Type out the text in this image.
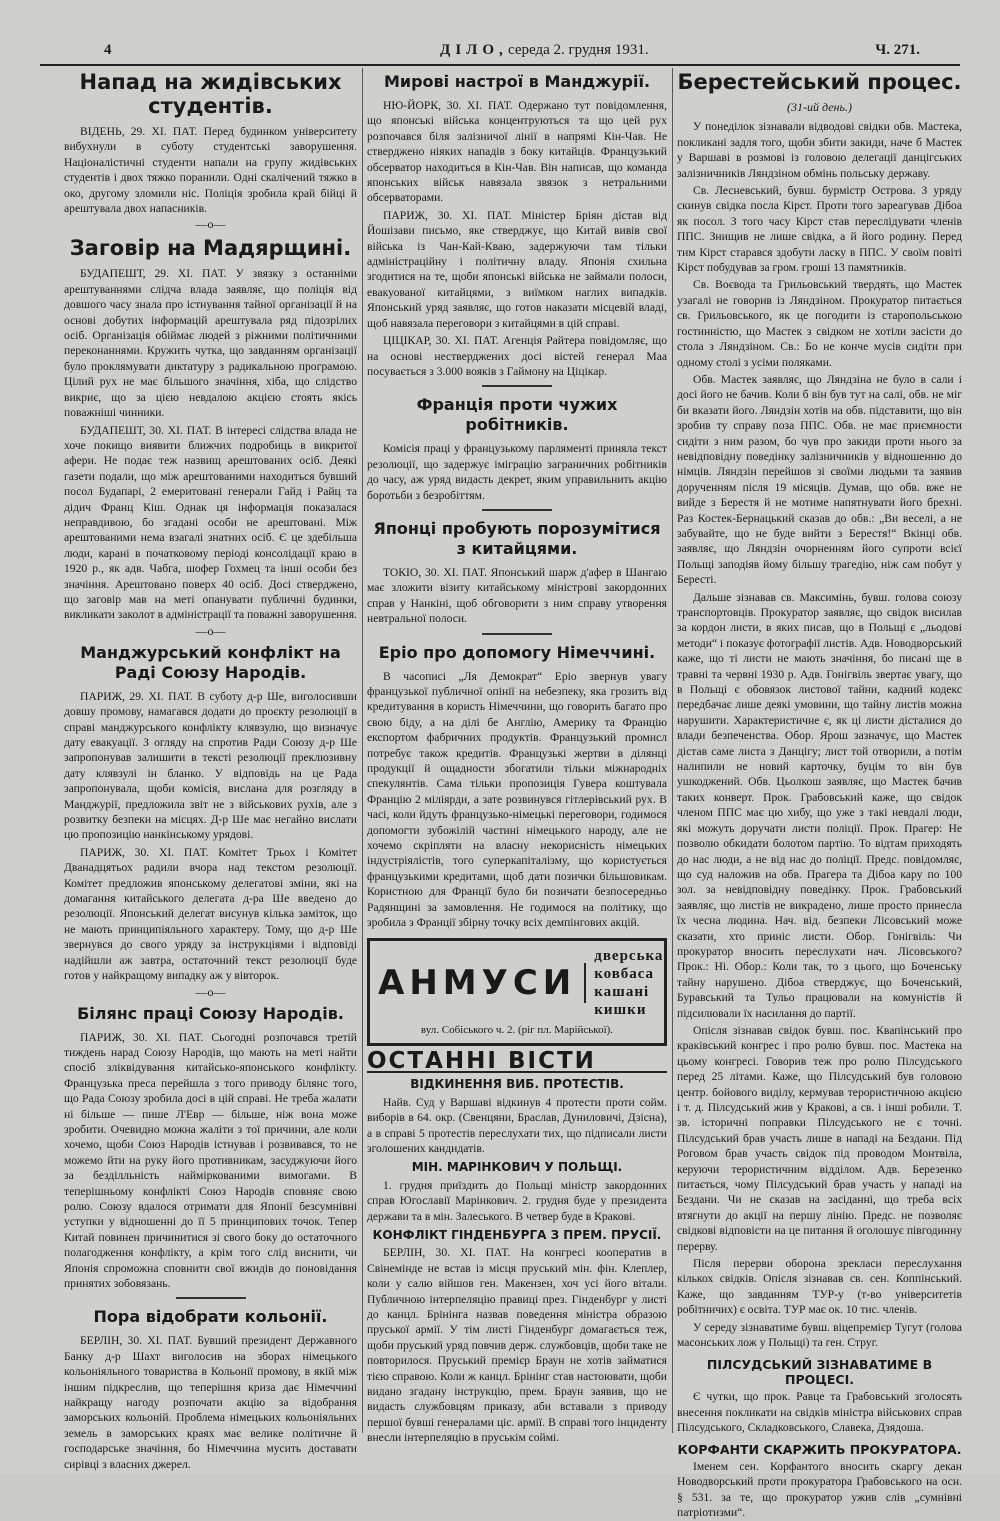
4	ДІЛО, середа 2. грудня 1931.	Ч. 271.
Напад на жидівських студентів.

ВІДЕНЬ, 29. XI. ПАТ. Перед будинком університету вибухнули в суботу студентські заворушення. Націоналістичні студенти напали на групу жидівських студентів і двох тяжко поранили. Одні скалічений тяжко в око, другому зломили ніс. Поліція зробила край бійці й арештувала двох напасників.

—o—
Заговір на Мадярщині.

БУДАПЕШТ, 29. XI. ПАТ. У звязку з останніми арештуваннями слідча влада заявляє, що поліція від довшого часу знала про істнування тайної організації й на основі добутих інформацій арештувала ряд підозрілих осіб. Організація обіймає людей з ріжними політичними переконаннями. Кружить чутка, що завданням організації було проклямувати диктатуру з радикальною програмою. Цілий рух не має більшого значіння, хіба, що слідство викриє, що за цією невдалою акцією стоять якісь поважніші чинники.

БУДАПЕШТ, 30. XI. ПАТ. В інтересі слідства влада не хоче покищо виявити ближчих подробиць в викритої афери. Не подає теж назвищ арештованих осіб. Деякі газети подали, що між арештованими находиться бувший посол Будапарі, 2 емеритовані генерали Гайд і Райц та дідич Франц Кіш. Однак ця інформація показалася неправдивою, бо згадані особи не арештовані. Між арештованими нема взагалі знатних осіб. Є це здебільша люди, карані в початковому періоді консолідації краю в 1920 р., як адв. Чабга, шофер Гохмец та інші особи без значіння. Арештовано поверх 40 осіб. Досі стверджено, що заговір мав на меті опанувати публичні будинки, викликати заколот в адміністрації та поважні заворушення.

—o—
Манджурський конфлікт на Раді Союзу Народів.

ПАРИЖ, 29. XI. ПАТ. В суботу д-р Ше, виголосивши довшу промову, намагався додати до проєкту резолюції в справі манджурського конфлікту клявзулю, що визначує дату евакуації. З огляду на спротив Ради Союзу д-р Ше запропонував залишити в тексті резолюції преклюзивну дату клявзулі ін бланко. У відповідь на це Рада запропонувала, щоби комісія, вислана для розгляду в Манджурії, предложила звіт не з військових рухів, але з розвитку безпеки на місцях. Д-р Ше має негайно вислати цю пропозицію нанкінському урядові.

ПАРИЖ, 30. XI. ПАТ. Комітет Трьох і Комітет Дванадцятьох радили вчора над текстом резолюції. Комітет предложив японському делегатові зміни, які на домагання китайського делегата д-ра Ше введено до резолюції. Японський делегат висунув кілька заміток, що не мають принципіяльного характеру. Тому, що д-р Ше звернувся до свого уряду за інструкціями і відповіді надійшли аж завтра, остаточний текст резолюції буде готов у найкращому випадку аж у вівторок.

—o—
Білянс праці Союзу Народів.

ПАРИЖ, 30. XI. ПАТ. Сьогодні розпочався третій тиждень нарад Союзу Народів, що мають на меті найти спосіб зліквідування китайсько-японського конфлікту. Французька преса перейшла з того приводу білянс того, що Рада Союзу зробила досі в цій справі. Не треба жалати ні більше — пише Л'Евр — більше, ніж вона може зробити. Очевидно можна жаліти з тої причини, але коли хочемо, щоби Союз Народів істнував і розвивався, то не можемо йти на руку його противникам, засуджуючи його за безділльність найміркованими вимогами. В теперішньому конфлікті Союз Народів сповняє свою ролю. Союзу вдалося отримати для Японії безсумнівні уступки у відношенні до її 5 принципових точок. Тепер Китай повинен причинитися зі свого боку до остаточного полагодження конфлікту, а крім того слід виснити, чи Японія спроможна сповнити свої вжидів до поновідання принятих зобовязань.

Пора відобрати кольонії.

БЕРЛІН, 30. XI. ПАТ. Бувший президент Державного Банку д-р Шахт виголосив на зборах німецького кольоніяльного товариства в Кольонії промову, в якій між іншим підкреслив, що теперішня криза дає Німеччині найкращу нагоду розпочати акцію за відобрання заморських кольоній. Проблема німецьких кольоніяльних земель в заморських краях має велике політичне й господарське значіння, бо Німеччина мусить доставати сирівці з власних джерел.

Мирові настрої в Манджурії.

НЮ-ЙОРК, 30. XI. ПАТ. Одержано тут повідомлення, що японські війська концентруються та що цей рух розпочався біля залізничої лінії в напрямі Кін-Чав. Не стверджено ніяких нападів з боку китайців. Французький обсерватор находиться в Кін-Чав. Він написав, що команда японських військ навязала звязок з нетральними обсерваторами.

ПАРИЖ, 30. XI. ПАТ. Міністер Бріян дістав від Йошізави письмо, яке стверджує, що Китай вивів свої війська із Чан-Кай-Кваю, задержуючи там тільки адміністраційну і політичну владу. Японія схильна згодитися на те, щоби японські війська не займали полоси, евакуованої китайцями, з виїмком наглих випадків. Японський уряд заявляє, що готов наказати місцевій владі, щоб навязала переговори з китайцями в цій справі.

ЦІЦІКАР, 30. XI. ПАТ. Агенція Райтера повідомляє, що на основі нестверджених досі вістей генерал Маа посувається з 3.000 вояків з Гаймону на Ціцікар.

Франція проти чужих робітників.

Комісія праці у французькому парляменті приняла текст резолюції, що задержує іміграцію заграничних робітників до часу, аж уряд видасть декрет, яким управильнить акцію боротьби з безробіттям.

Японці пробують порозумітися з китайцями.

ТОКІО, 30. XI. ПАТ. Японський шарж д'афер в Шангаю має зложити візиту китайському міністрові закордонних справ у Нанкіні, щоб обговорити з ним справу утворення невтральної полоси.

Еріо про допомогу Німеччині.

В часописі „Ля Демократ“ Еріо звернув увагу французької публичної опінії на небезпеку, яка грозить від кредитування в користь Німеччини, що говорить багато про свою біду, а на ділі бе Англію, Америку та Францію експортом фабричних продуктів. Французький промисл потребує також кредитів. Французькі жертви в ділянці продукції й ощадности збогатили тільки міжнародніх спекулянтів. Сама тільки пропозиція Гувера коштувала Францію 2 міліярди, а зате розвинувся гітлерівський рух. В часі, коли йдуть французько-німецькі переговори, годимося допомогти зубожілій частині німецького народу, але не хочемо скріпляти на власну некорисність німецьких індустріялістів, того суперкапіталізму, що користується французькими кредитами, щоб дати позички більшовикам. Користною для Франції було би позичати безпосередньо Радянщині за замовлення. Не годимося на політику, що зробила з Франції збірну точку всіх демпінгових акцій.

АНМУСИ
дверська ковбаса
кашані кишки
вул. Собіського ч. 2. (ріг пл. Марійської).
ОСТАННІ ВІСТИ
ВІДКИНЕННЯ ВИБ. ПРОТЕСТІВ.

Найв. Суд у Варшаві відкинув 4 протести проти сойм. виборів в 64. окр. (Свенцяни, Браслав, Дуниловичі, Дзісна), а в справі 5 протестів переслухати тих, що підписали листи зголошених кандидатів.

МІН. МАРІНКОВИЧ У ПОЛЬЩІ.

1. грудня приїздить до Польщі міністр закордонних справ Югославії Марінкович. 2. грудня буде у президента держави та в мін. Залеського. В четвер буде в Кракові.

КОНФЛІКТ ГІНДЕНБУРГА З ПРЕМ. ПРУСІЇ.

БЕРЛІН, 30. XI. ПАТ. На конгресі кооператив в Свінемінде не встав із місця пруський мін. фін. Клеплер, коли у салю війшов ген. Макензен, хоч усі його вітали. Публичною інтерпеляцію правиці през. Гінденбург у листі до канцл. Брінінга назвав поведення міністра образою пруської армії. У тім листі Гінденбург домагається теж, щоби пруський уряд повчив держ. службовців, щоби таке не повторилося. Пруський премієр Браун не хотів займатися тією справою. Коли ж канцл. Брінінг став настоювати, щоби видано згадану інструкцію, прем. Браун заявив, що не видасть службовцям приказу, аби вставали з приводу першої бувші генералами ціс. армії. В справі того інциденту внесли інтерпеляцію в пруськім соймі.

Берестейський процес.
(31-ий день.)

У понеділок зізнавали відводові свідки обв. Мастека, покликані задля того, щоби збити закиди, наче б Мастек у Варшаві в розмові із головою делегації данцігських залізничників Ляндзіном обмінь польську державу.

Св. Лесневський, бувш. бурмістр Острова. З уряду скинув свідка посла Кірст. Проти того зареагував Дібоа як посол. З того часу Кірст став переслідувати членів ППС. Знищив не лише свідка, а й його родину. Перед тим Кірст старався здобути ласку в ППС. У своїм повіті Кірст побудував за гром. гроші 13 памятників.

Св. Воєвода та Грильовський твердять, що Мастек узагалі не говорив із Ляндзіном. Прокуратор питається св. Грильовського, як це погодити із старопольською гостинністю, що Мастек з свідком не хотіли засісти до стола з Ляндзіном. Св.: Бо не конче мусів сидіти при одному столі з усіми поляками.

Обв. Мастек заявляє, що Ляндзіна не було в сали і досі його не бачив. Коли б він був тут на салі, обв. не міг би вказати його. Ляндзін хотів на обв. підставити, що він зробив ту справу поза ППС. Обв. не має приємности сидіти з ним разом, бо чув про закиди проти нього за невідповідну поведінку залізничників у відношенню до німців. Ляндзін перейшов зі своїми людьми та заявив дорученням після 19 місяців. Думав, що обв. вже не вийде з Берестя й не мотиме напятнувати його брехні. Раз Костек-Бернацький сказав до обв.: „Ви веселі, а не забувайте, що не буде вийти з Берестя!“ Вкінці обв. заявляє, що Ляндзін очорненням його супроти всієї Польщі заподіяв йому більшу трагедію, ніж сам побут у Бересті.

Дальше зізнавав св. Максимінь, бувш. голова союзу транспортовців. Прокуратор заявляє, що свідок висилав за кордон листи, в яких писав, що в Польщі є „льодові методи“ і показує фотографії листів. Адв. Новодворський каже, що ті листи не мають значіння, бо писані ще в травні та червні 1930 р. Адв. Гонігвіль звертає увагу, що в Польщі є обовязок листової тайни, кадний кодекс передбачає лише деякі умовини, що тайну листів можна нарушити. Характеристичне є, як ці листи дісталися до влади безпеченства. Обор. Ярош зазначує, що Мастек дістав саме листа з Данцігу; лист той отворили, а потім налипили не новий карточку, буцім то він був ушкоджений. Обв. Цьолкош заявляє, що Мастек бачив таких конверт. Прок. Грабовський каже, що свідок членом ППС має цю хибу, що уже з такі невдалі люди, які можуть доручати листи поліції. Прок. Прагер: Не позволю обкидати болотом партію. То відтам приходять до нас люди, а не від нас до поліції. Предс. повідомляє, що суд наложив на обв. Прагера та Дібоа кару по 100 зол. за невідповідну поведінку. Прок. Грабовський заявляє, що листів не викрадено, лише просто принесла їх чесна людина. Нач. від. безпеки Лісовський може сказати, хто приніс листи. Обор. Гонігвіль: Чи прокуратор вносить переслухати нач. Лісовського? Прок.: Ні. Обор.: Коли так, то з цього, що Боченську тайну нарушено. Дібоа стверджує, що Боченський, Буравський та Тульо працювали на комуністів й підсилювали їх насилання до партії.

Опісля зізнавав свідок бувш. пос. Квапінський про краківський конгрес і про ролю бувш. пос. Мастека на цьому конгресі. Говорив теж про ролю Пілсудського перед 25 літами. Каже, що Пілсудський був головою центр. бойового виділу, кермував терористичною акцією і т. д. Пілсудський жив у Кракові, а св. і інші робили. Т. зв. історичні поправки Пілсудського не є точні. Пілсудський брав участь лише в нападі на Бездани. Під Роговом брав участь свідок під проводом Монтвіла, керуючи терористичним відділом. Адв. Березенко питається, чому Пілсудський брав участь у нападі на Бездани. Чи не сказав на засіданні, що треба всіх втягнути до акції на першу лінію. Предс. не позволяє свідкові відповісти на це питання й оголошує півгодинну перерву.

Після перерви оборона зрекласи переслухання кількох свідків. Опісля зізнавав св. сен. Коппінський. Каже, що завданням ТУР-у (т-во університетів робітничих) є освіта. ТУР має ок. 10 тис. членів.

У середу зізнаватиме бувш. віцепремієр Тугут (голова масонських лож у Польщі) та ген. Струг.

ПІЛСУДСЬКИЙ ЗІЗНАВАТИМЕ В ПРОЦЕСІ.

Є чутки, що прок. Равце та Грабовський зголосять внесення покликати на свідків міністра військових справ Пілсудського, Складковського, Славека, Дзядоша.

КОРФАНТИ СКАРЖИТЬ ПРОКУРАТОРА.

Іменем сен. Корфантого вносить скаргу декан Новодворський проти прокуратора Грабовського на осн. § 531. за те, що прокуратор ужив слів „сумнівні патріотизми“.
